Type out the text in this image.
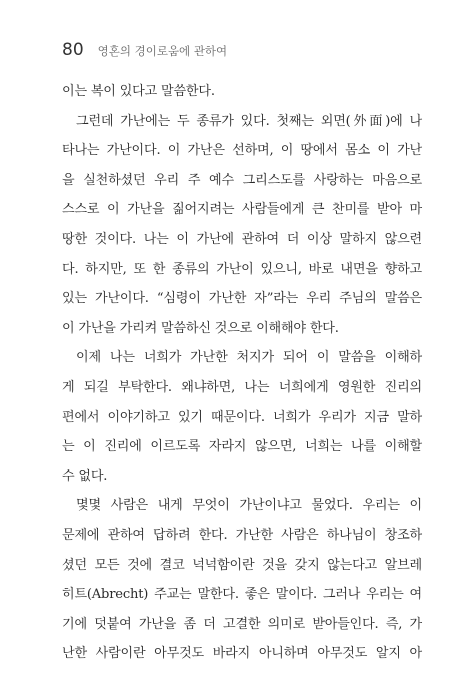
80 영혼의 경이로움에 관하여
이는 복이 있다고 말씀한다.
그런데 가난에는 두 종류가 있다. 첫째는 외면(外面)에 나
타나는 가난이다. 이 가난은 선하며, 이 땅에서 몸소 이 가난
을 실천하셨던 우리 주 예수 그리스도를 사랑하는 마음으로
스스로 이 가난을 짊어지려는 사람들에게 큰 찬미를 받아 마
땅한 것이다. 나는 이 가난에 관하여 더 이상 말하지 않으련
다. 하지만, 또 한 종류의 가난이 있으니, 바로 내면을 향하고
있는 가난이다. “심령이 가난한 자”라는 우리 주님의 말씀은
이 가난을 가리켜 말씀하신 것으로 이해해야 한다.
이제 나는 너희가 가난한 처지가 되어 이 말씀을 이해하
게 되길 부탁한다. 왜냐하면, 나는 너희에게 영원한 진리의
편에서 이야기하고 있기 때문이다. 너희가 우리가 지금 말하
는 이 진리에 이르도록 자라지 않으면, 너희는 나를 이해할
수 없다.
몇몇 사람은 내게 무엇이 가난이냐고 물었다. 우리는 이
문제에 관하여 답하려 한다. 가난한 사람은 하나님이 창조하
셨던 모든 것에 결코 넉넉함이란 것을 갖지 않는다고 알브레
히트(Abrecht) 주교는 말한다. 좋은 말이다. 그러나 우리는 여
기에 덧붙여 가난을 좀 더 고결한 의미로 받아들인다. 즉, 가
난한 사람이란 아무것도 바라지 아니하며 아무것도 알지 아
